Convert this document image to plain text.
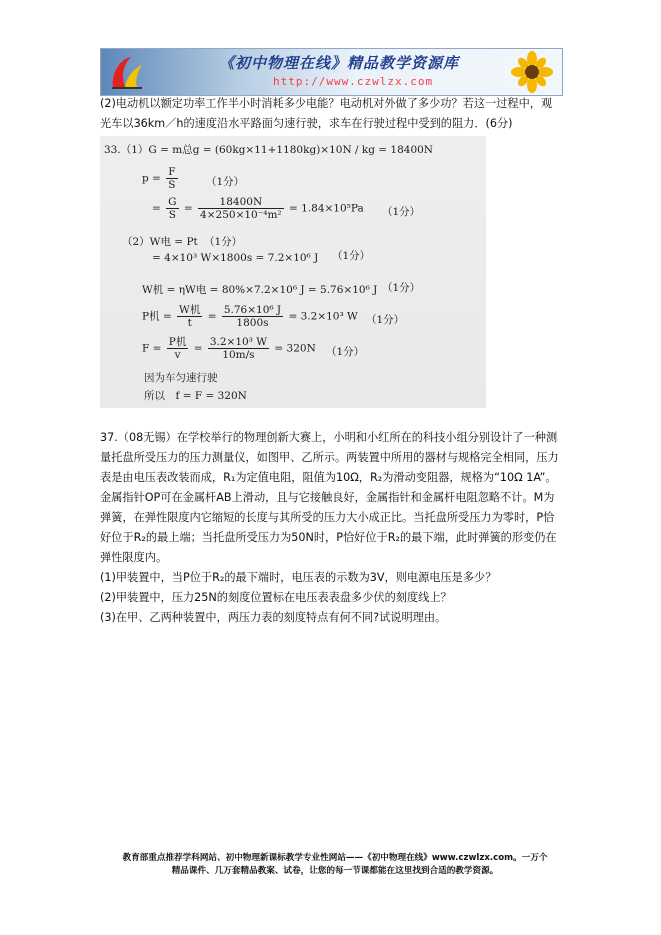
《初中物理在线》精品教学资源库
http://www.czwlzx.com
(2)电动机以额定功率工作半小时消耗多少电能？电动机对外做了多少功？若这一过程中，观光车以36km／h的速度沿水平路面匀速行驶，求车在行驶过程中受到的阻力．(6分)
33.（1）G = m总g = (60kg×11+1180kg)×10N / kg = 18400N
$p = \frac{F}{S}$	（1分）
= $\frac{G}{S} = \frac{18400N}{\text{4×250×10⁻⁴m²}} = 1.84\times 10^5Pa$ （1分）
（2）W电 = Pt （1分）
= 4×10³ W×1800s = 7.2×10⁶ J （1分）
W机 = ηW电 = 80%×7.2×10⁶ J = 5.76×10⁶ J （1分）
P机 = $\frac{\text{W机}}{t} = \frac{\text{5.76×10⁶ J}}{1800s} = 3.2\times 10^3$ W （1分）
$F = \frac{\text{P机}}{v} = \frac{\text{3.2×10³ W}}{10m/s} = 320N$ （1分）
因为车匀速行驶
所以　f = F = 320N

37.（08无锡）在学校举行的物理创新大赛上，小明和小红所在的科技小组分别设计了一种测量托盘所受压力的压力测量仪，如图甲、乙所示。两装置中所用的器材与规格完全相同，压力表是由电压表改装而成，R₁为定值电阻，阻值为10Ω，R₂为滑动变阻器，规格为“10Ω 1A”。金属指针OP可在金属杆AB上滑动，且与它接触良好，金属指针和金属杆电阻忽略不计。M为弹簧，在弹性限度内它缩短的长度与其所受的压力大小成正比。当托盘所受压力为零时，P恰好位于R₂的最上端；当托盘所受压力为50N时，P恰好位于R₂的最下端，此时弹簧的形变仍在弹性限度内。

(1)甲装置中，当P位于R₂的最下端时，电压表的示数为3V，则电源电压是多少？

(2)甲装置中，压力25N的刻度位置标在电压表表盘多少伏的刻度线上？

(3)在甲、乙两种装置中，两压力表的刻度特点有何不同?试说明理由。

教育部重点推荐学科网站、初中物理新课标教学专业性网站——《初中物理在线》www.czwlzx.com。一万个
精品课件、几万套精品教案、试卷，让您的每一节课都能在这里找到合适的教学资源。
